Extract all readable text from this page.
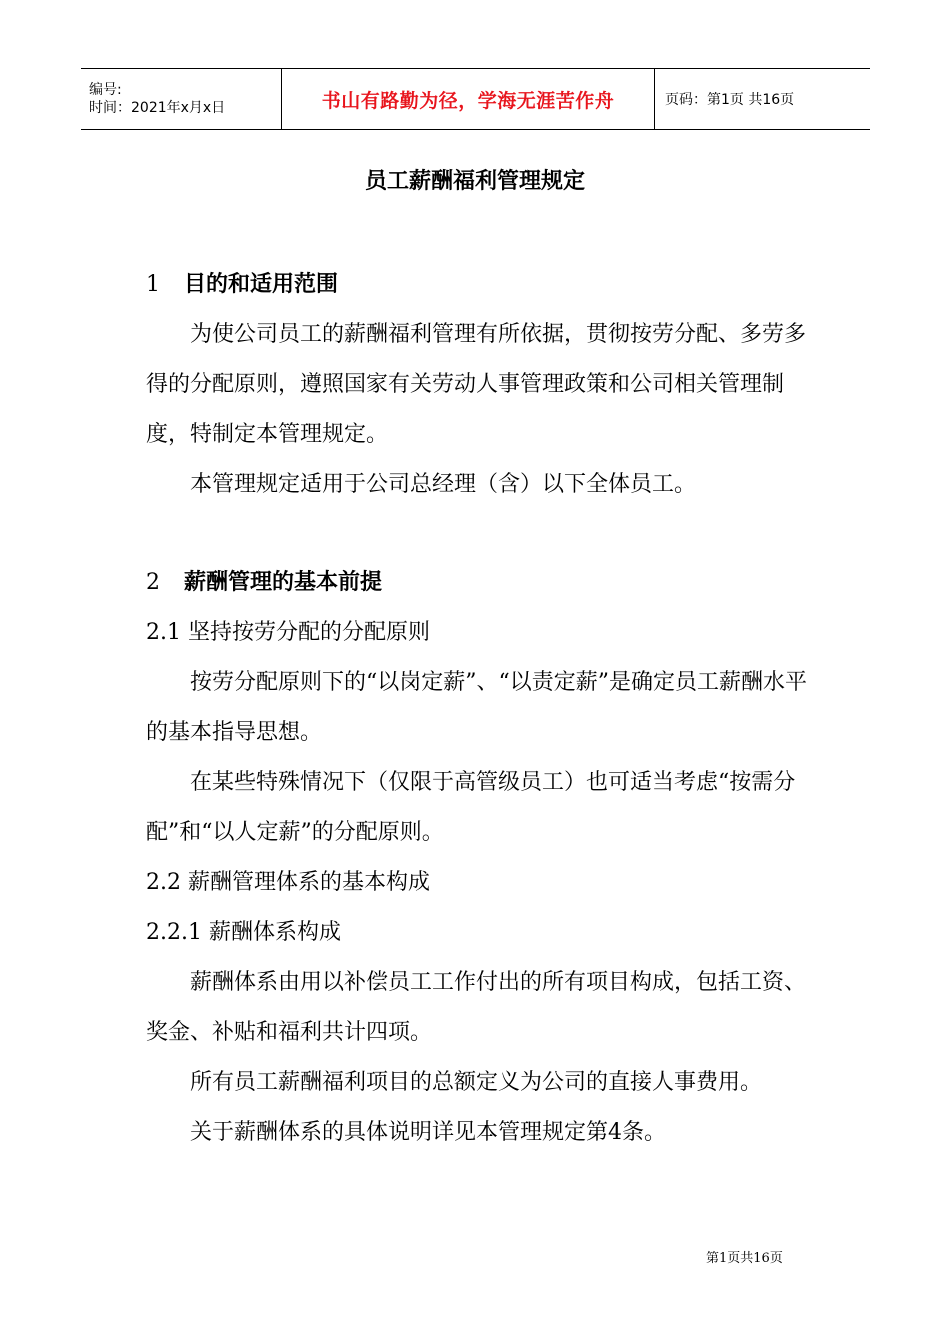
编号:
时间：2021年x月x日	书山有路勤为径，学海无涯苦作舟	页码：第1页 共16页
员工薪酬福利管理规定

1 目的和适用范围

为使公司员工的薪酬福利管理有所依据，贯彻按劳分配、多劳多得的分配原则，遵照国家有关劳动人事管理政策和公司相关管理制度，特制定本管理规定。

本管理规定适用于公司总经理（含）以下全体员工。

2 薪酬管理的基本前提

2.1 坚持按劳分配的分配原则

按劳分配原则下的“以岗定薪”、“以责定薪”是确定员工薪酬水平的基本指导思想。

在某些特殊情况下（仅限于高管级员工）也可适当考虑“按需分配”和“以人定薪”的分配原则。

2.2 薪酬管理体系的基本构成

2.2.1 薪酬体系构成

薪酬体系由用以补偿员工工作付出的所有项目构成，包括工资、奖金、补贴和福利共计四项。

所有员工薪酬福利项目的总额定义为公司的直接人事费用。

关于薪酬体系的具体说明详见本管理规定第4条。

第1页共16页
